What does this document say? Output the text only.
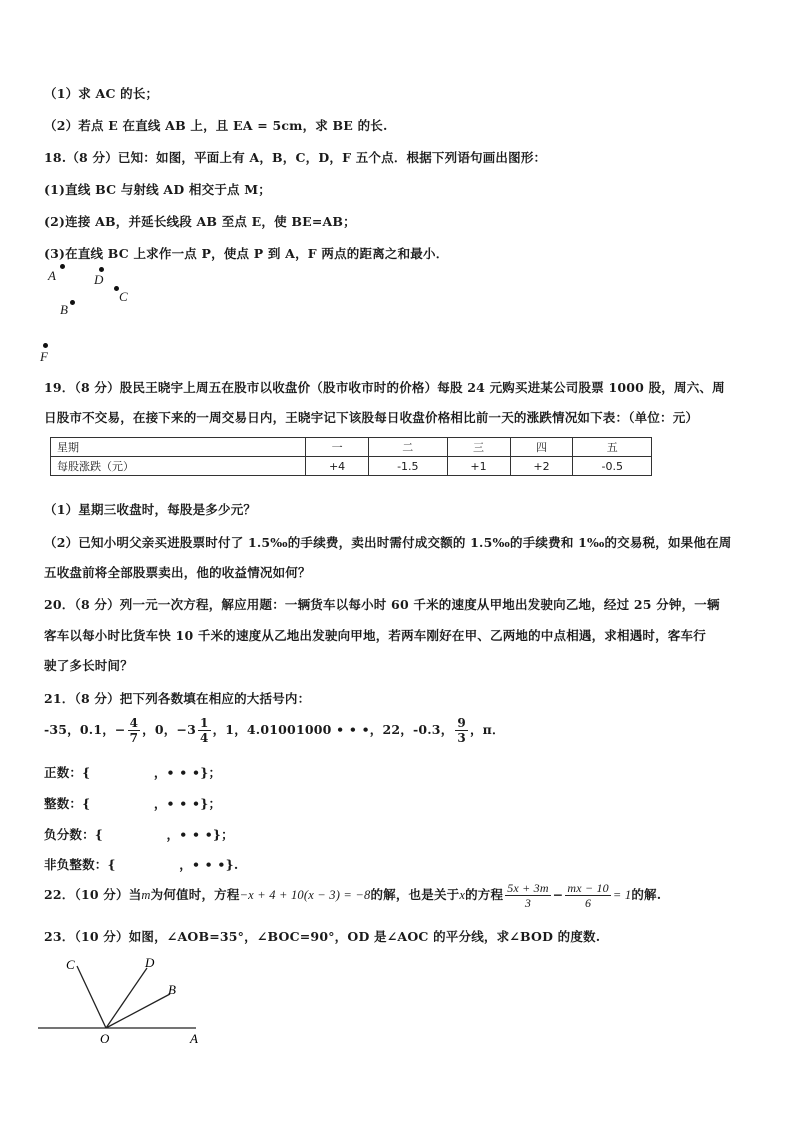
（1）求 AC 的长；
（2）若点 E 在直线 AB 上，且 EA = 5cm，求 BE 的长.
18.（8 分）已知：如图，平面上有 A，B，C，D，F 五个点．根据下列语句画出图形：
(1)直线 BC 与射线 AD 相交于点 M；
(2)连接 AB，并延长线段 AB 至点 E，使 BE=AB；
(3)在直线 BC 上求作一点 P，使点 P 到 A，F 两点的距离之和最小．
A	D
C
B
F
19．（8 分）股民王晓宇上周五在股市以收盘价（股市收市时的价格）每股 24 元购买进某公司股票 1000 股，周六、周
日股市不交易，在接下来的一周交易日内，王晓宇记下该股每日收盘价格相比前一天的涨跌情况如下表：（单位：元）
星期	一	二	三	四	五
每股涨跌（元）	+4	-1.5	+1	+2	-0.5
（1）星期三收盘时，每股是多少元？
（2）已知小明父亲买进股票时付了 1.5‰的手续费，卖出时需付成交额的 1.5‰的手续费和 1‰的交易税，如果他在周
五收盘前将全部股票卖出，他的收益情况如何？
20．（8 分）列一元一次方程，解应用题：一辆货车以每小时 60 千米的速度从甲地出发驶向乙地，经过 25 分钟，一辆
客车以每小时比货车快 10 千米的速度从乙地出发驶向甲地，若两车刚好在甲、乙两地的中点相遇，求相遇时，客车行
驶了多长时间？
21．（8 分）把下列各数填在相应的大括号内：
-35，0.1，− $\frac{4}{7}$ ，0，$-3 \frac{1}{4}$ ，1，4.01001000 • • •，22，-0.3， $\frac{9}{3}$ ，π．
正数：{　　　　　，• • •}；
整数：{　　　　　，• • •}；
负分数：{　　　　　，• • •}；
非负整数：{　　　　　，• • •}.
22．（10 分）当m为何值时，方程−x + 4 + 10(x − 3) = −8的解，也是关于x的方程 $\frac{5x + 3m}{3} - \frac{mx - 10}{6} = 1$的解.
23．（10 分）如图，∠AOB=35°，∠BOC=90°，OD 是∠AOC 的平分线，求∠BOD 的度数.
C	D
B
O	A
